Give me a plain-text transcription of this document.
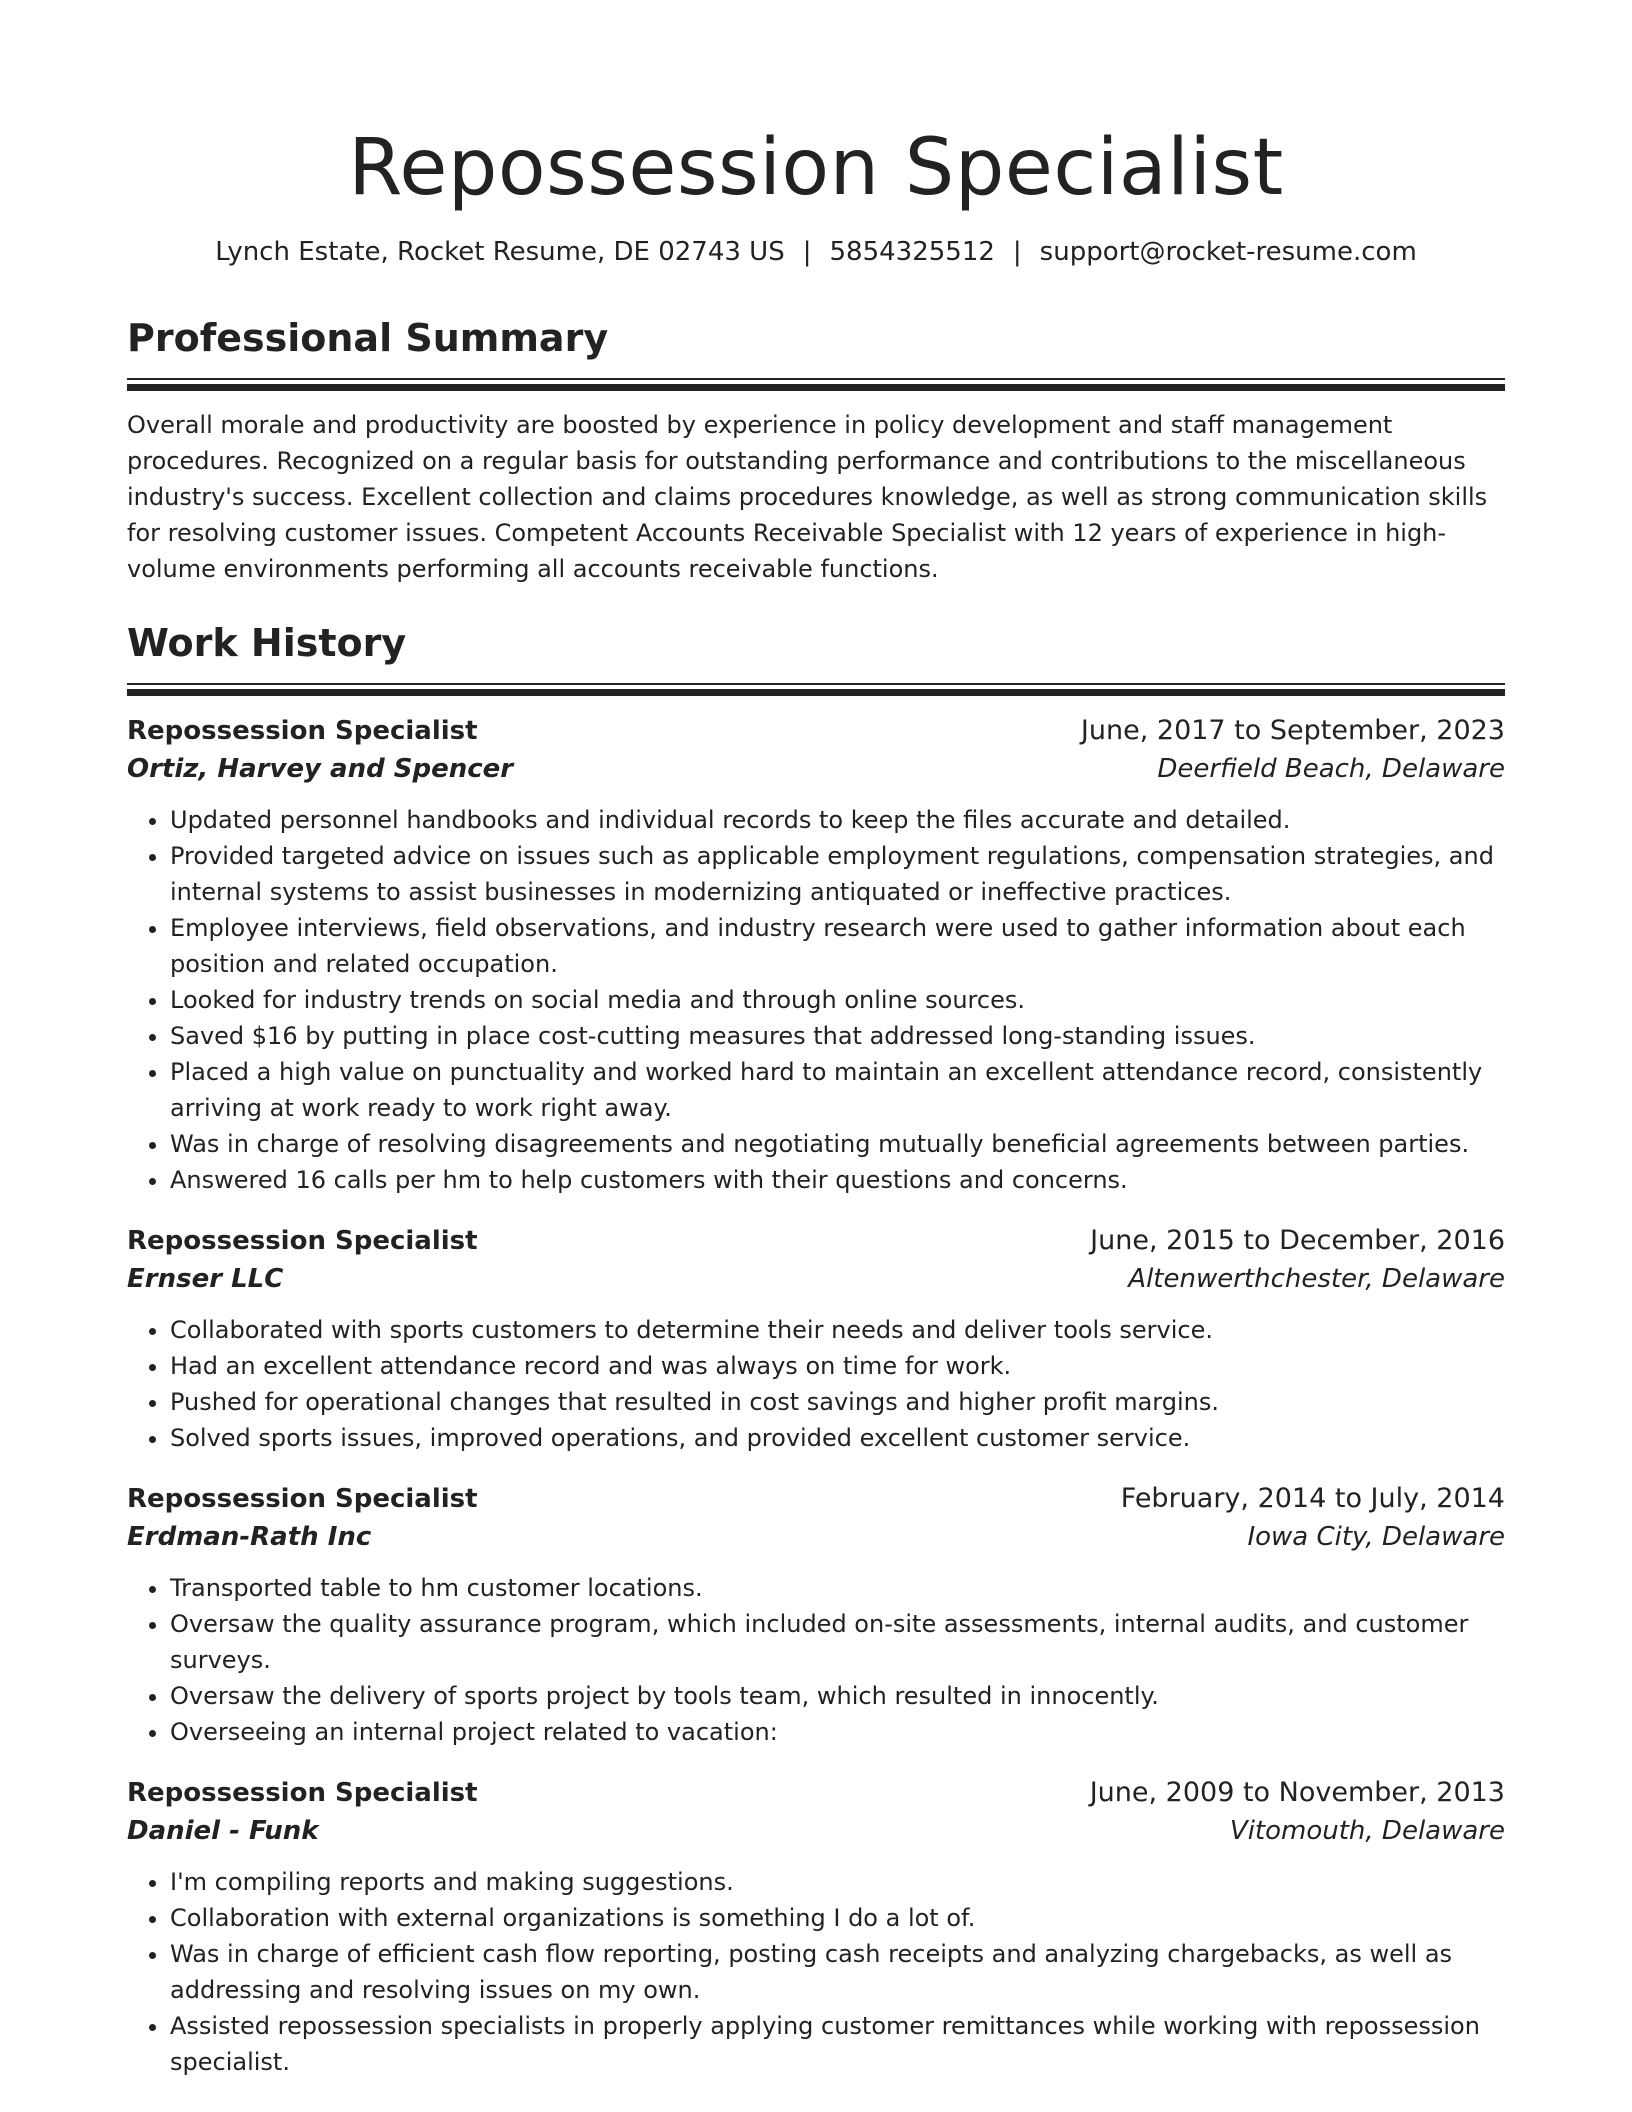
Repossession Specialist
Lynch Estate, Rocket Resume, DE 02743 US | 5854325512 | support@rocket-resume.com
Professional Summary

Overall morale and productivity are boosted by experience in policy development and staff management procedures. Recognized on a regular basis for outstanding performance and contributions to the miscellaneous industry's success. Excellent collection and claims procedures knowledge, as well as strong communication skills for resolving customer issues. Competent Accounts Receivable Specialist with 12 years of experience in high-volume environments performing all accounts receivable functions.

Work History
Repossession Specialist	June, 2017 to September, 2023
Ortiz, Harvey and Spencer	Deerfield Beach, Delaware
• Updated personnel handbooks and individual records to keep the files accurate and detailed.
• Provided targeted advice on issues such as applicable employment regulations, compensation strategies, and internal systems to assist businesses in modernizing antiquated or ineffective practices.
• Employee interviews, field observations, and industry research were used to gather information about each position and related occupation.
• Looked for industry trends on social media and through online sources.
• Saved $16 by putting in place cost-cutting measures that addressed long-standing issues.
• Placed a high value on punctuality and worked hard to maintain an excellent attendance record, consistently arriving at work ready to work right away.
• Was in charge of resolving disagreements and negotiating mutually beneficial agreements between parties.
• Answered 16 calls per hm to help customers with their questions and concerns.
Repossession Specialist	June, 2015 to December, 2016
Ernser LLC	Altenwerthchester, Delaware
• Collaborated with sports customers to determine their needs and deliver tools service.
• Had an excellent attendance record and was always on time for work.
• Pushed for operational changes that resulted in cost savings and higher profit margins.
• Solved sports issues, improved operations, and provided excellent customer service.
Repossession Specialist	February, 2014 to July, 2014
Erdman-Rath Inc	Iowa City, Delaware
• Transported table to hm customer locations.
• Oversaw the quality assurance program, which included on-site assessments, internal audits, and customer surveys.
• Oversaw the delivery of sports project by tools team, which resulted in innocently.
• Overseeing an internal project related to vacation:
Repossession Specialist	June, 2009 to November, 2013
Daniel - Funk	Vitomouth, Delaware
• I'm compiling reports and making suggestions.
• Collaboration with external organizations is something I do a lot of.
• Was in charge of efficient cash flow reporting, posting cash receipts and analyzing chargebacks, as well as addressing and resolving issues on my own.
• Assisted repossession specialists in properly applying customer remittances while working with repossession specialist.
